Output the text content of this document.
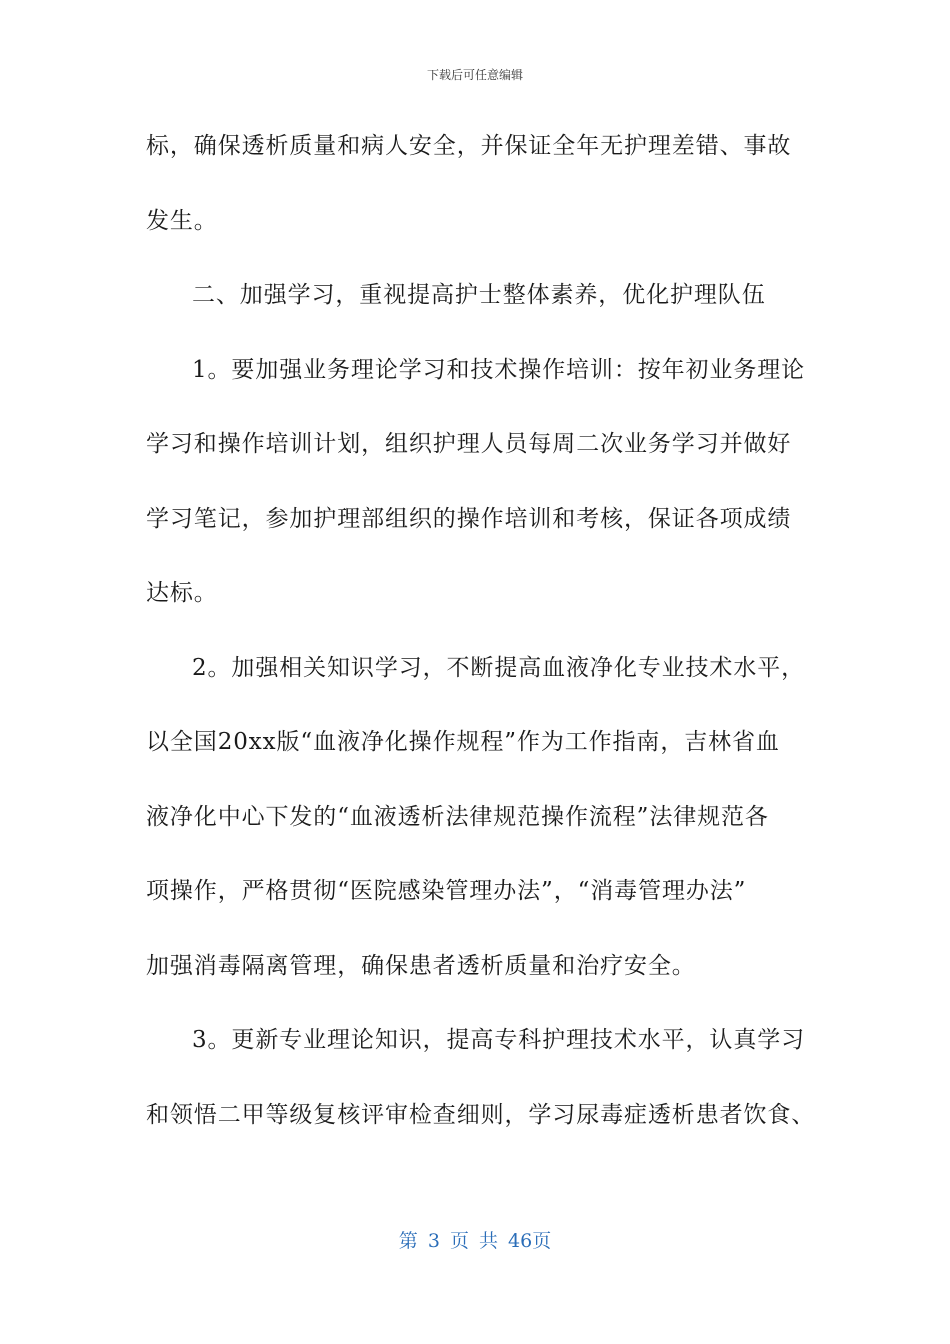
下载后可任意编辑
标，确保透析质量和病人安全，并保证全年无护理差错、事故
发生。
二、加强学习，重视提高护士整体素养，优化护理队伍
1。要加强业务理论学习和技术操作培训：按年初业务理论
学习和操作培训计划，组织护理人员每周二次业务学习并做好
学习笔记，参加护理部组织的操作培训和考核，保证各项成绩
达标。
2。加强相关知识学习，不断提高血液净化专业技术水平，
以全国20xx版“血液净化操作规程”作为工作指南，吉林省血
液净化中心下发的“血液透析法律规范操作流程”法律规范各
项操作，严格贯彻“医院感染管理办法”，“消毒管理办法”
加强消毒隔离管理，确保患者透析质量和治疗安全。
3。更新专业理论知识，提高专科护理技术水平，认真学习
和领悟二甲等级复核评审检查细则，学习尿毒症透析患者饮食、
第 3 页 共 46页
